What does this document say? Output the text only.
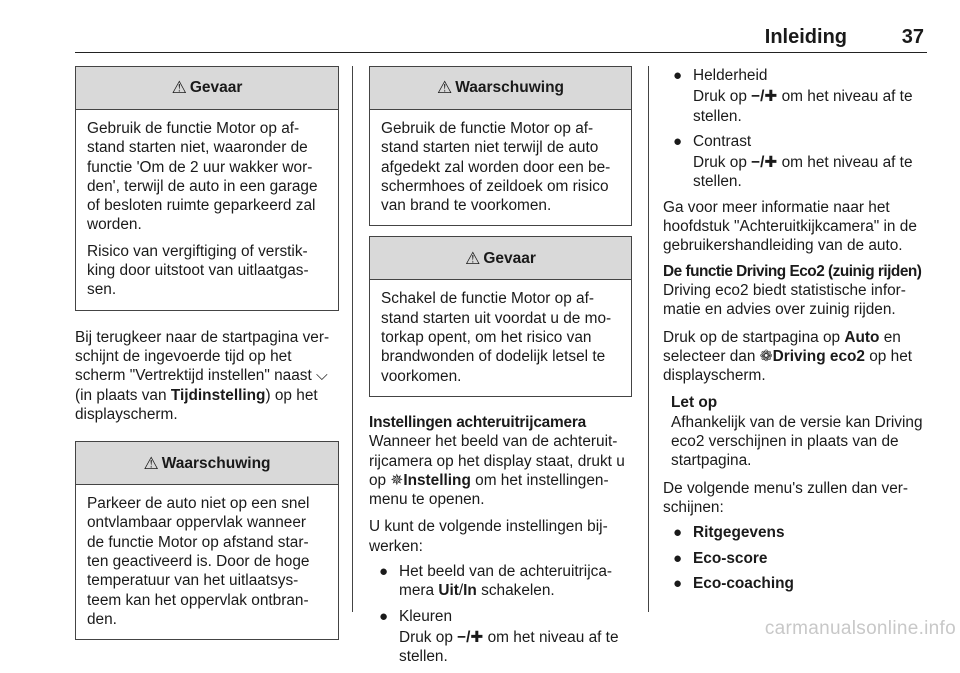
Inleiding	37
⚠ Gevaar

Gebruik de functie Motor op af-stand starten niet, waaronder de functie 'Om de 2 uur wakker wor-den', terwijl de auto in een garage of besloten ruimte geparkeerd zal worden.

Risico van vergiftiging of verstik-king door uitstoot van uitlaatgas-sen.

Bij terugkeer naar de startpagina ver-schijnt de ingevoerde tijd op het scherm "Vertrektijd instellen" naast ⌵ (in plaats van Tijdinstelling) op het displayscherm.

⚠ Waarschuwing

Parkeer de auto niet op een snel ontvlambaar oppervlak wanneer de functie Motor op afstand star-ten geactiveerd is. Door de hoge temperatuur van het uitlaatsys-teem kan het oppervlak ontbran-den.

⚠ Waarschuwing

Gebruik de functie Motor op af-stand starten niet terwijl de auto afgedekt zal worden door een be-schermhoes of zeildoek om risico van brand te voorkomen.

⚠ Gevaar

Schakel de functie Motor op af-stand starten uit voordat u de mo-torkap opent, om het risico van brandwonden of dodelijk letsel te voorkomen.

Instellingen achteruitrijcamera

Wanneer het beeld van de achteruit-rijcamera op het display staat, drukt u op ✵Instelling om het instellingen-menu te openen.

U kunt de volgende instellingen bij-werken:

● Het beeld van de achteruitrijca-mera Uit/In schakelen.
● Kleuren
Druk op −/✚ om het niveau af te stellen.
● Helderheid
Druk op −/✚ om het niveau af te stellen.
● Contrast
Druk op −/✚ om het niveau af te stellen.

Ga voor meer informatie naar het hoofdstuk "Achteruitkijkcamera" in de gebruikershandleiding van de auto.

De functie Driving Eco2 (zuinig rijden)

Driving eco2 biedt statistische infor-matie en advies over zuinig rijden.

Druk op de startpagina op Auto en selecteer dan ❁Driving eco2 op het displayscherm.

Let op

Afhankelijk van de versie kan Driving eco2 verschijnen in plaats van de startpagina.

De volgende menu's zullen dan ver-schijnen:

● Ritgegevens
● Eco-score
● Eco-coaching
carmanualsonline.info
